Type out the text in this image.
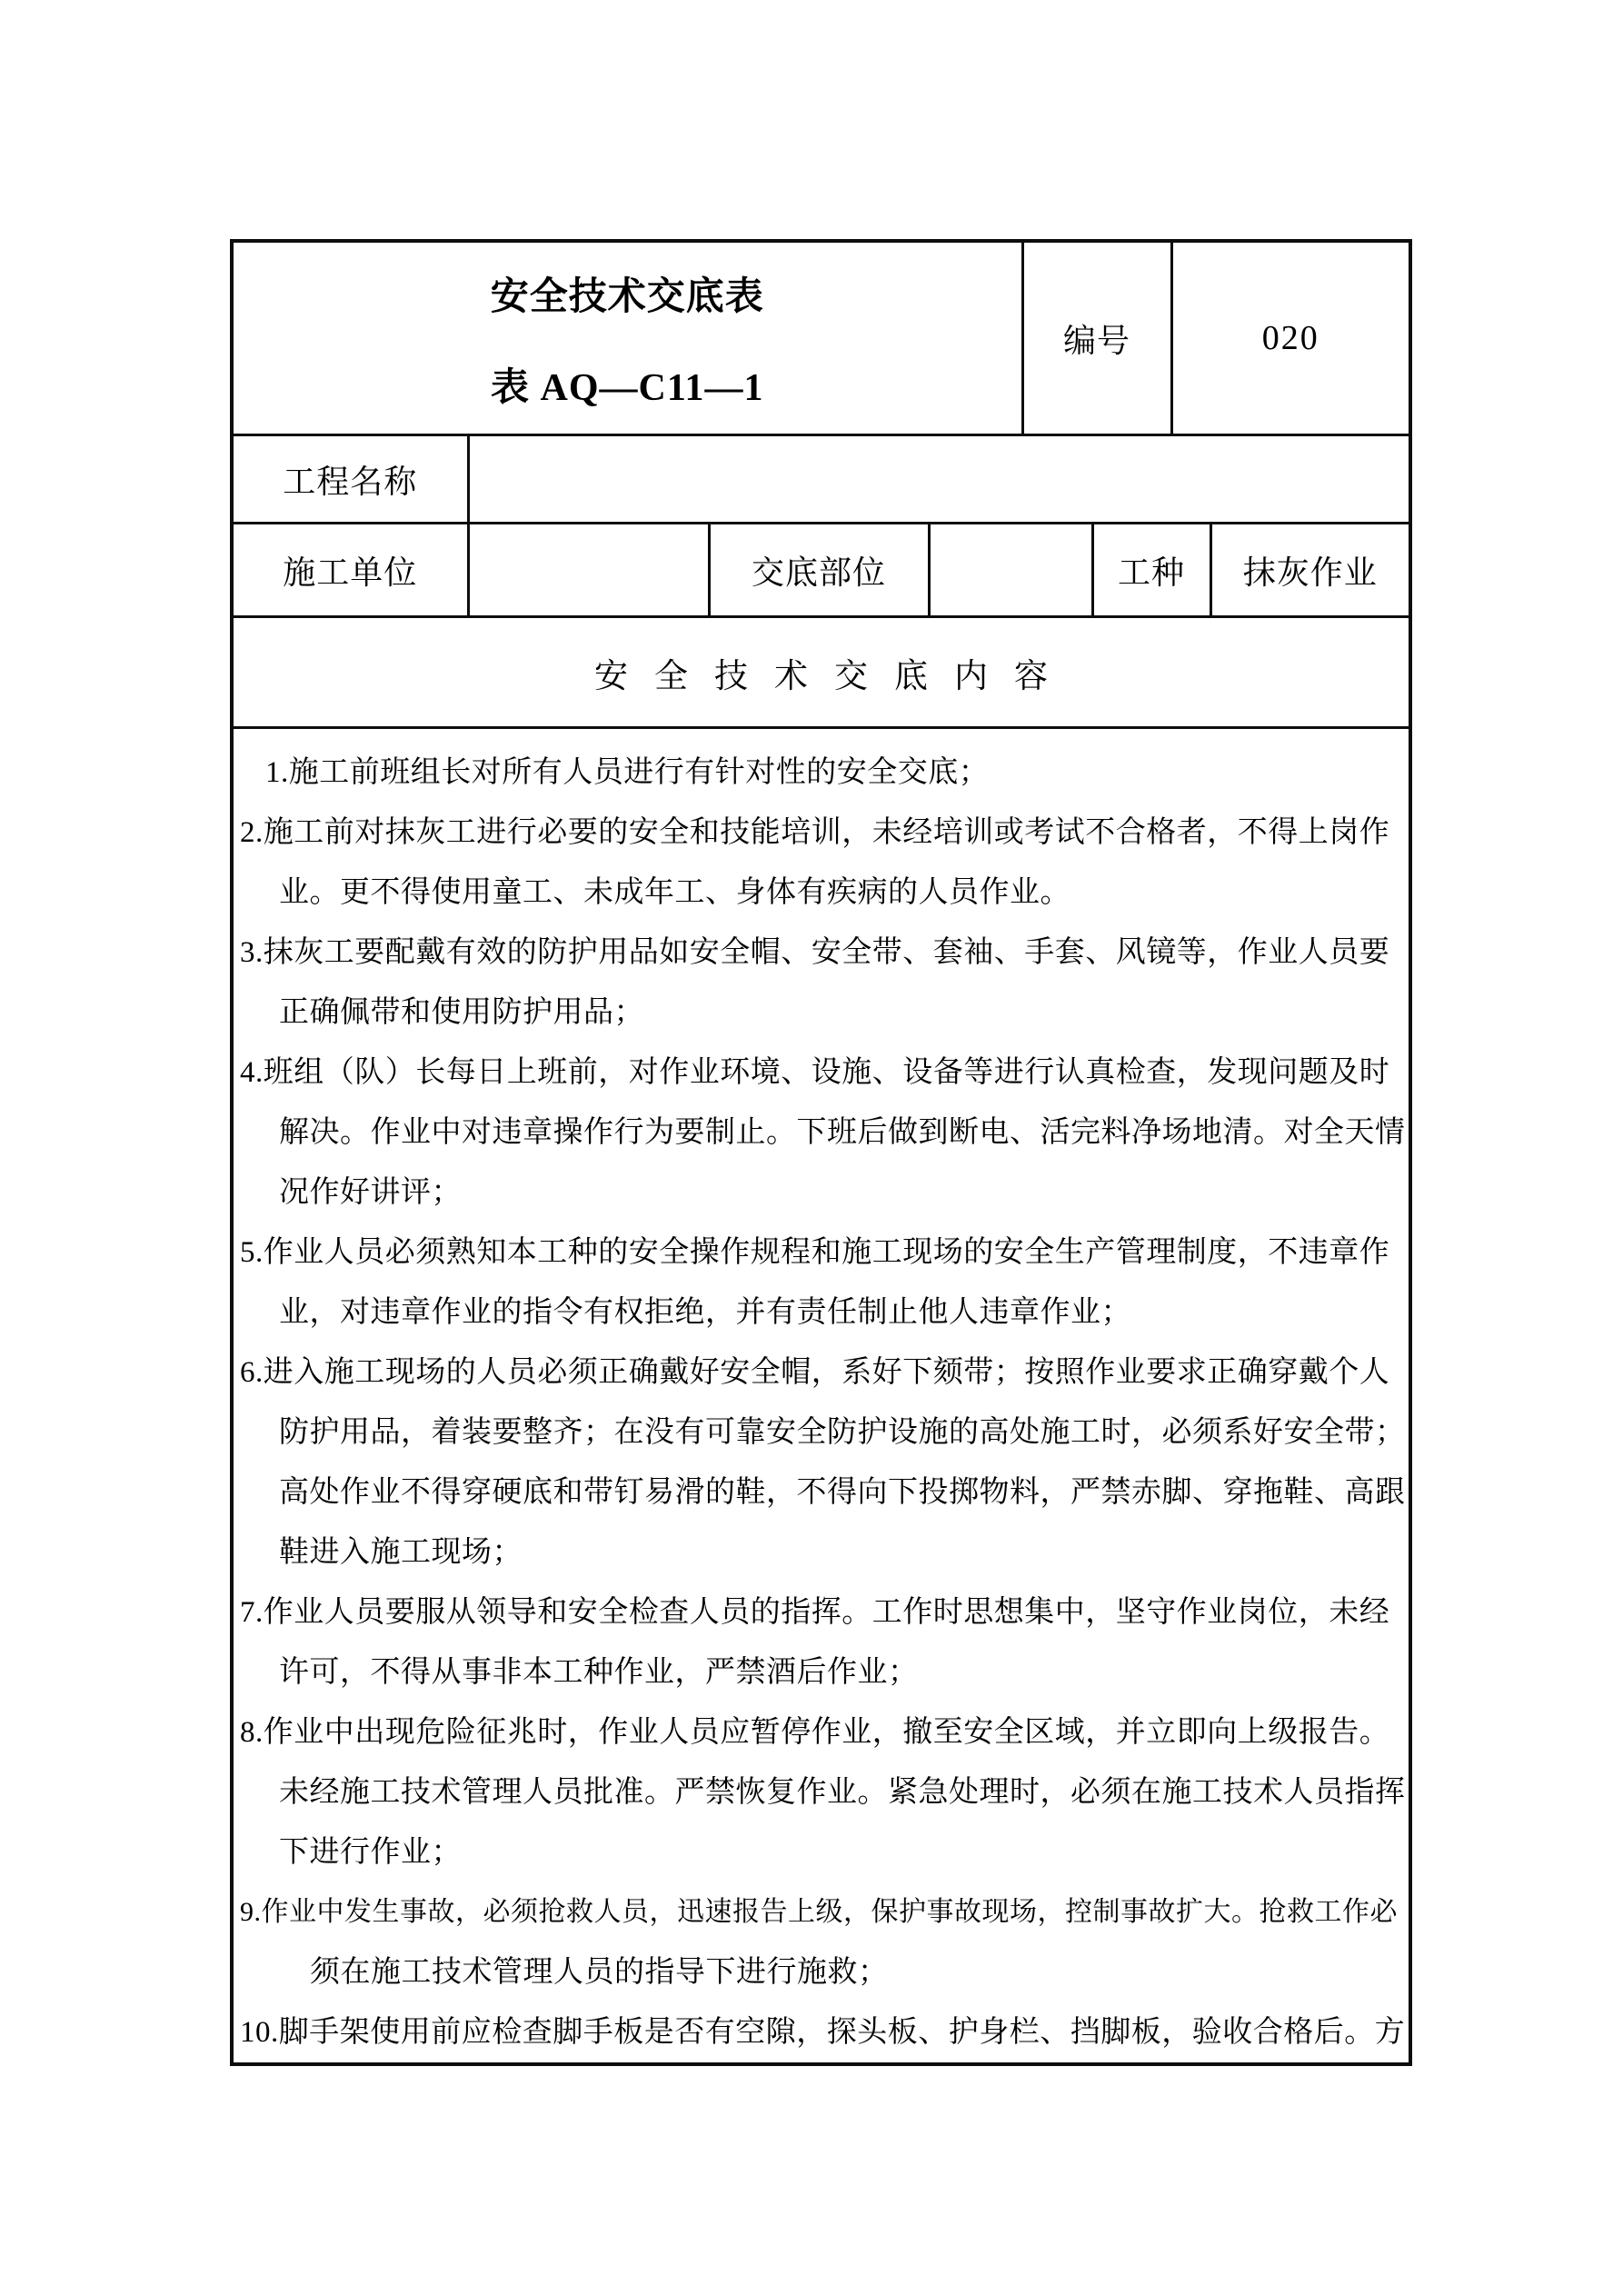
安全技术交底表
表 AQ—C11—1				编号		020	
工程名称							
施工单位		交底部位			工种		抹灰作业
安全技术交底内容							

1.施工前班组长对所有人员进行有针对性的安全交底；
2.施工前对抹灰工进行必要的安全和技能培训，未经培训或考试不合格者，不得上岗作
业。更不得使用童工、未成年工、身体有疾病的人员作业。
3.抹灰工要配戴有效的防护用品如安全帽、安全带、套袖、手套、风镜等，作业人员要
正确佩带和使用防护用品；
4.班组（队）长每日上班前，对作业环境、设施、设备等进行认真检查，发现问题及时
解决。作业中对违章操作行为要制止。下班后做到断电、活完料净场地清。对全天情
况作好讲评；
5.作业人员必须熟知本工种的安全操作规程和施工现场的安全生产管理制度，不违章作
业，对违章作业的指令有权拒绝，并有责任制止他人违章作业；
6.进入施工现场的人员必须正确戴好安全帽，系好下颏带；按照作业要求正确穿戴个人
防护用品，着装要整齐；在没有可靠安全防护设施的高处施工时，必须系好安全带；
高处作业不得穿硬底和带钉易滑的鞋，不得向下投掷物料，严禁赤脚、穿拖鞋、高跟
鞋进入施工现场；
7.作业人员要服从领导和安全检查人员的指挥。工作时思想集中，坚守作业岗位，未经
许可，不得从事非本工种作业，严禁酒后作业；
8.作业中出现危险征兆时，作业人员应暂停作业，撤至安全区域，并立即向上级报告。
未经施工技术管理人员批准。严禁恢复作业。紧急处理时，必须在施工技术人员指挥
下进行作业；
9.作业中发生事故，必须抢救人员，迅速报告上级，保护事故现场，控制事故扩大。抢救工作必
须在施工技术管理人员的指导下进行施救；
10.脚手架使用前应检查脚手板是否有空隙，探头板、护身栏、挡脚板，验收合格后。方
